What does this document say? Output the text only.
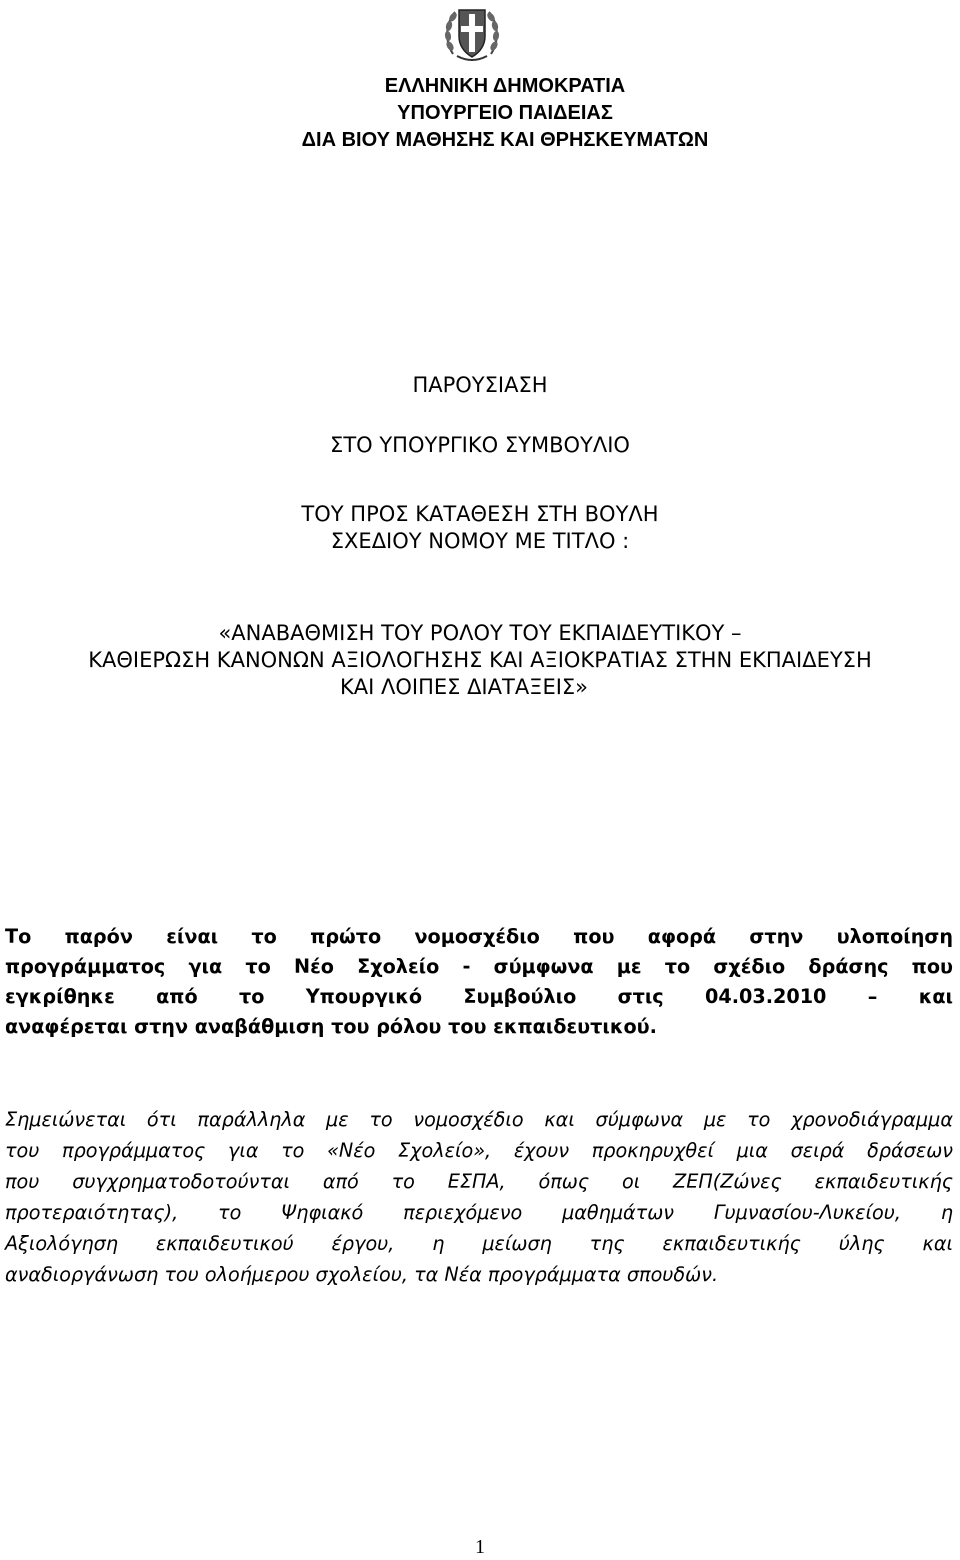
ΕΛΛΗΝΙΚΗ ΔΗΜΟΚΡΑΤΙΑ
ΥΠΟΥΡΓΕΙΟ ΠΑΙΔΕΙΑΣ
ΔΙΑ ΒΙΟΥ ΜΑΘΗΣΗΣ ΚΑΙ ΘΡΗΣΚΕΥΜΑΤΩΝ
ΠΑΡΟΥΣΙΑΣΗ
ΣΤΟ ΥΠΟΥΡΓΙΚΟ ΣΥΜΒΟΥΛΙΟ
ΤΟΥ ΠΡΟΣ ΚΑΤΑΘΕΣΗ ΣΤΗ ΒΟΥΛΗ
ΣΧΕΔΙΟΥ ΝΟΜΟΥ ΜΕ ΤΙΤΛΟ :
«ΑΝΑΒΑΘΜΙΣΗ ΤΟΥ ΡΟΛΟΥ ΤΟΥ ΕΚΠΑΙΔΕΥΤΙΚΟΥ –
ΚΑΘΙΕΡΩΣΗ ΚΑΝΟΝΩΝ ΑΞΙΟΛΟΓΗΣΗΣ ΚΑΙ ΑΞΙΟΚΡΑΤΙΑΣ ΣΤΗΝ ΕΚΠΑΙΔΕΥΣΗ
ΚΑΙ ΛΟΙΠΕΣ ΔΙΑΤΑΞΕΙΣ»
Το παρόν είναι το πρώτο νομοσχέδιο που αφορά στην υλοποίηση
προγράμματος για το Νέο Σχολείο - σύμφωνα με το σχέδιο δράσης που
εγκρίθηκε από το Υπουργικό Συμβούλιο στις 04.03.2010 – και
αναφέρεται στην αναβάθμιση του ρόλου του εκπαιδευτικού.
Σημειώνεται ότι παράλληλα με το νομοσχέδιο και σύμφωνα με το χρονοδιάγραμμα
του προγράμματος για το «Νέο Σχολείο», έχουν προκηρυχθεί μια σειρά δράσεων
που συγχρηματοδοτούνται από το ΕΣΠΑ, όπως οι ΖΕΠ(Ζώνες εκπαιδευτικής
προτεραιότητας), το Ψηφιακό περιεχόμενο μαθημάτων Γυμνασίου-Λυκείου, η
Αξιολόγηση εκπαιδευτικού έργου, η μείωση της εκπαιδευτικής ύλης και
αναδιοργάνωση του ολοήμερου σχολείου, τα Νέα προγράμματα σπουδών.
1
